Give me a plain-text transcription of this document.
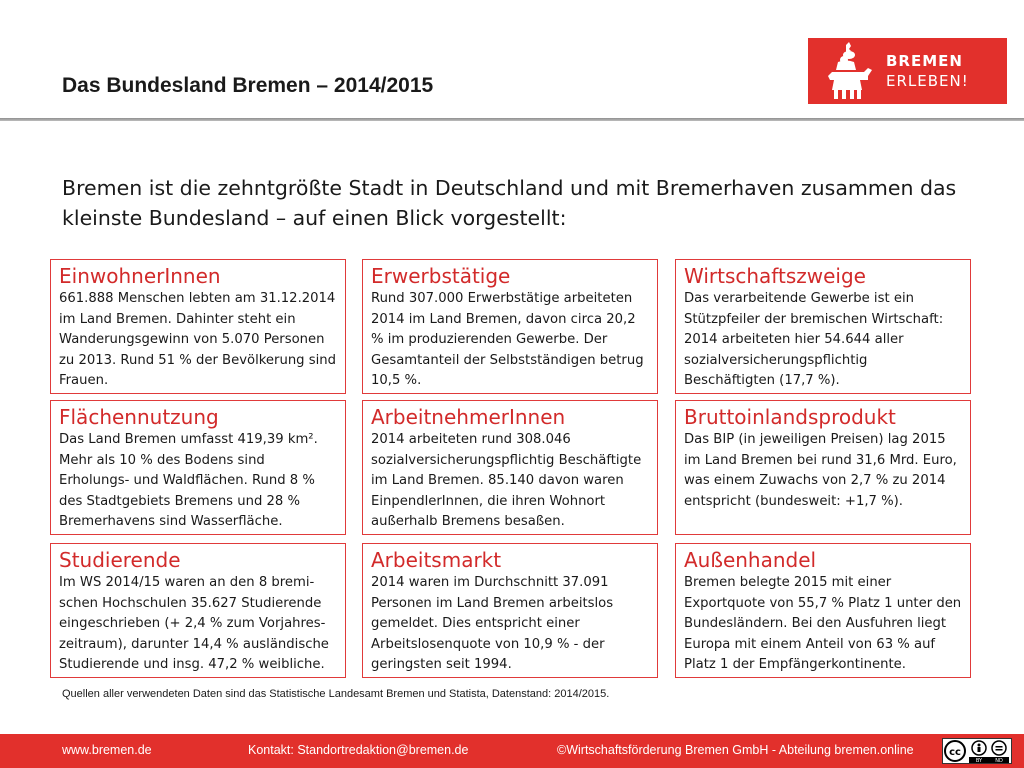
Das Bundesland Bremen – 2014/2015
BREMEN
ERLEBEN!
Bremen ist die zehntgrößte Stadt in Deutschland und mit Bremerhaven zusammen das kleinste Bundesland – auf einen Blick vorgestellt:
EinwohnerInnen

661.888 Menschen lebten am 31.12.2014 im Land Bremen. Dahinter steht ein Wanderungsgewinn von 5.070 Personen zu 2013. Rund 51 % der Bevölkerung sind Frauen.

Erwerbstätige

Rund 307.000 Erwerbstätige arbeiteten 2014 im Land Bremen, davon circa 20,2 % im produzierenden Gewerbe. Der Gesamtanteil der Selbstständigen betrug 10,5 %.

Wirtschaftszweige

Das verarbeitende Gewerbe ist ein Stützpfeiler der bremischen Wirtschaft: 2014 arbeiteten hier 54.644 aller sozialversicherungspflichtig Beschäftigten (17,7 %).

Flächennutzung

Das Land Bremen umfasst 419,39 km². Mehr als 10 % des Bodens sind Erholungs- und Waldflächen. Rund 8 % des Stadtgebiets Bremens und 28 % Bremerhavens sind Wasserfläche.

ArbeitnehmerInnen

2014 arbeiteten rund 308.046 sozialversicherungspflichtig Beschäftigte im Land Bremen. 85.140 davon waren EinpendlerInnen, die ihren Wohnort außerhalb Bremens besaßen.

Bruttoinlandsprodukt

Das BIP (in jeweiligen Preisen) lag 2015 im Land Bremen bei rund 31,6 Mrd. Euro, was einem Zuwachs von 2,7 % zu 2014 entspricht (bundesweit: +1,7 %).

Studierende

Im WS 2014/15 waren an den 8 bremi-schen Hochschulen 35.627 Studierende eingeschrieben (+ 2,4 % zum Vorjahres-zeitraum), darunter 14,4 % ausländische Studierende und insg. 47,2 % weibliche.

Arbeitsmarkt

2014 waren im Durchschnitt 37.091 Personen im Land Bremen arbeitslos gemeldet. Dies entspricht einer Arbeitslosenquote von 10,9 % - der geringsten seit 1994.

Außenhandel

Bremen belegte 2015 mit einer Exportquote von 55,7 % Platz 1 unter den Bundesländern. Bei den Ausfuhren liegt Europa mit einem Anteil von 63 % auf Platz 1 der Empfängerkontinente.

Quellen aller verwendeten Daten sind das Statistische Landesamt Bremen und Statista, Datenstand: 2014/2015.
www.bremen.de	Kontakt: Standortredaktion@bremen.de	©Wirtschaftsförderung Bremen GmbH - Abteilung bremen.online	cc
BY	ND
